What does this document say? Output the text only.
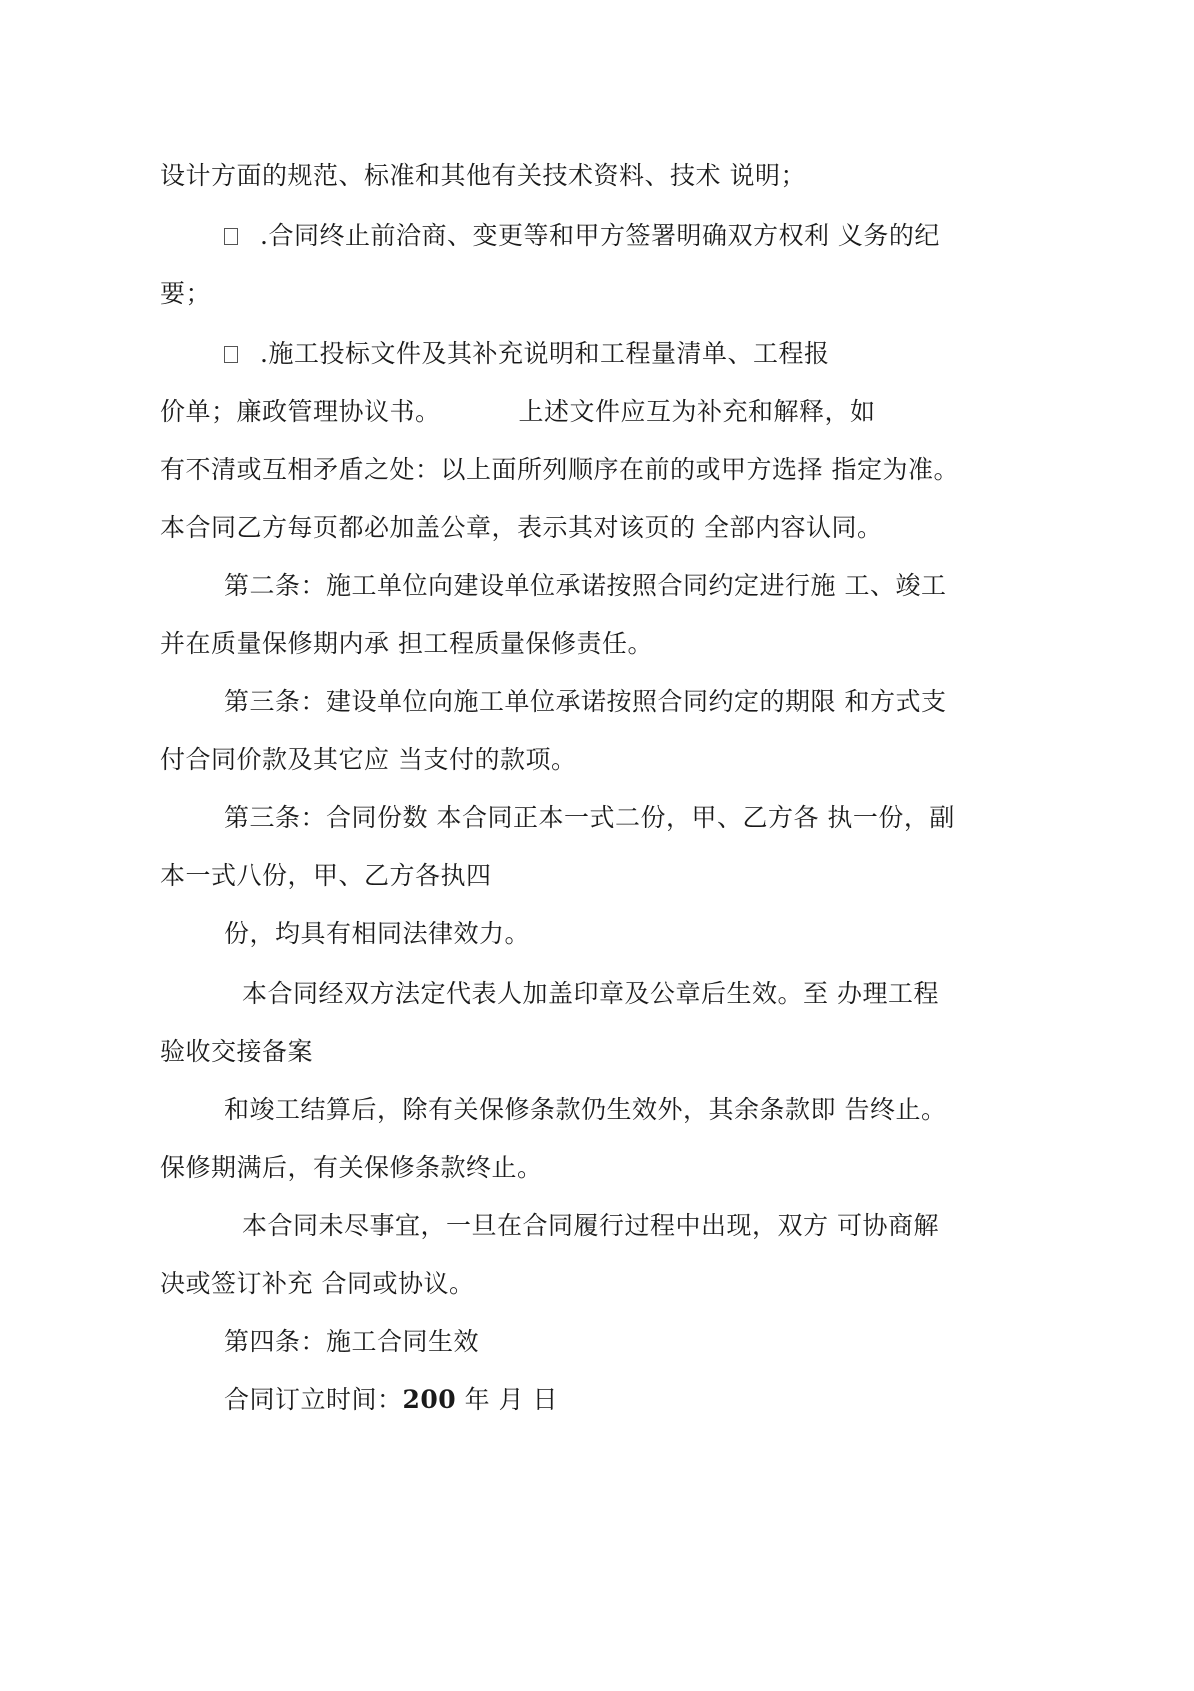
设计方面的规范、标准和其他有关技术资料、技术 说明；
.合同终止前洽商、变更等和甲方签署明确双方权利 义务的纪
要；
.施工投标文件及其补充说明和工程量清单、工程报
价单；廉政管理协议书。	上述文件应互为补充和解释，如
有不清或互相矛盾之处：以上面所列顺序在前的或甲方选择 指定为准。
本合同乙方每页都必加盖公章，表示其对该页的 全部内容认同。
第二条：施工单位向建设单位承诺按照合同约定进行施 工、竣工
并在质量保修期内承 担工程质量保修责任。
第三条：建设单位向施工单位承诺按照合同约定的期限 和方式支
付合同价款及其它应 当支付的款项。
第三条：合同份数 本合同正本一式二份，甲、乙方各 执一份，副
本一式八份，甲、乙方各执四
份，均具有相同法律效力。
本合同经双方法定代表人加盖印章及公章后生效。至 办理工程
验收交接备案
和竣工结算后，除有关保修条款仍生效外，其余条款即 告终止。
保修期满后，有关保修条款终止。
本合同未尽事宜，一旦在合同履行过程中出现，双方 可协商解
决或签订补充 合同或协议。
第四条：施工合同生效
合同订立时间：200 年 月 日
